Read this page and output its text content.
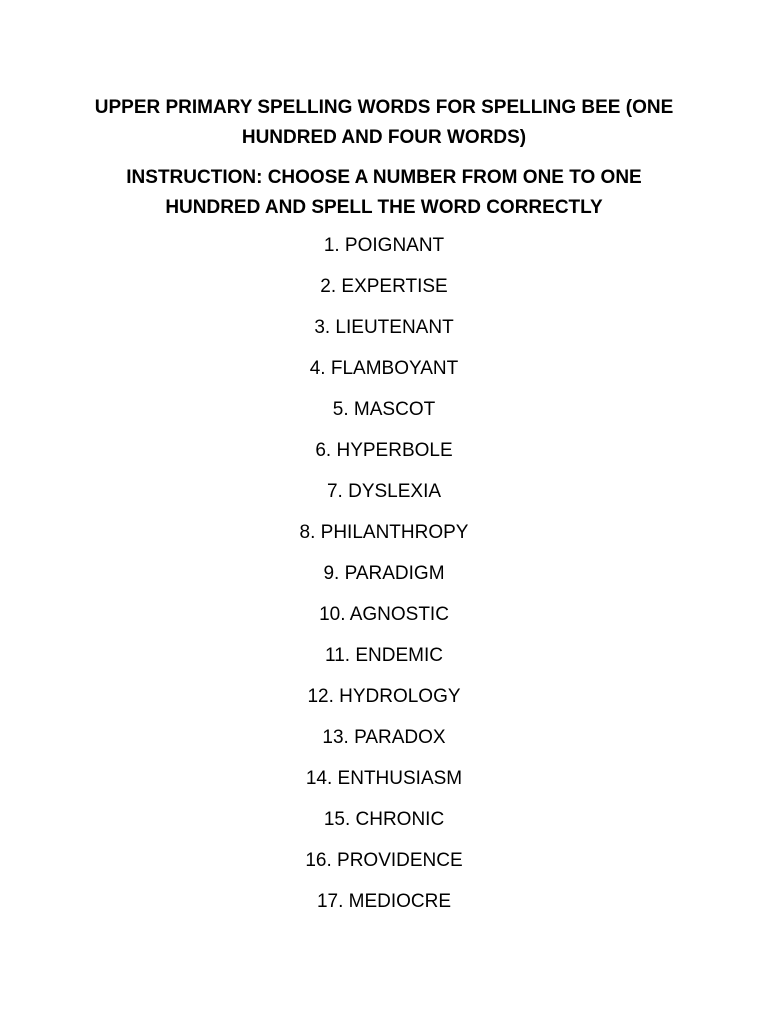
UPPER PRIMARY SPELLING WORDS FOR SPELLING BEE (ONE HUNDRED AND FOUR WORDS)
INSTRUCTION: CHOOSE A NUMBER FROM ONE TO ONE HUNDRED AND SPELL THE WORD CORRECTLY
1. POIGNANT
2. EXPERTISE
3. LIEUTENANT
4. FLAMBOYANT
5. MASCOT
6. HYPERBOLE
7. DYSLEXIA
8. PHILANTHROPY
9. PARADIGM
10. AGNOSTIC
11. ENDEMIC
12. HYDROLOGY
13. PARADOX
14. ENTHUSIASM
15. CHRONIC
16. PROVIDENCE
17. MEDIOCRE
